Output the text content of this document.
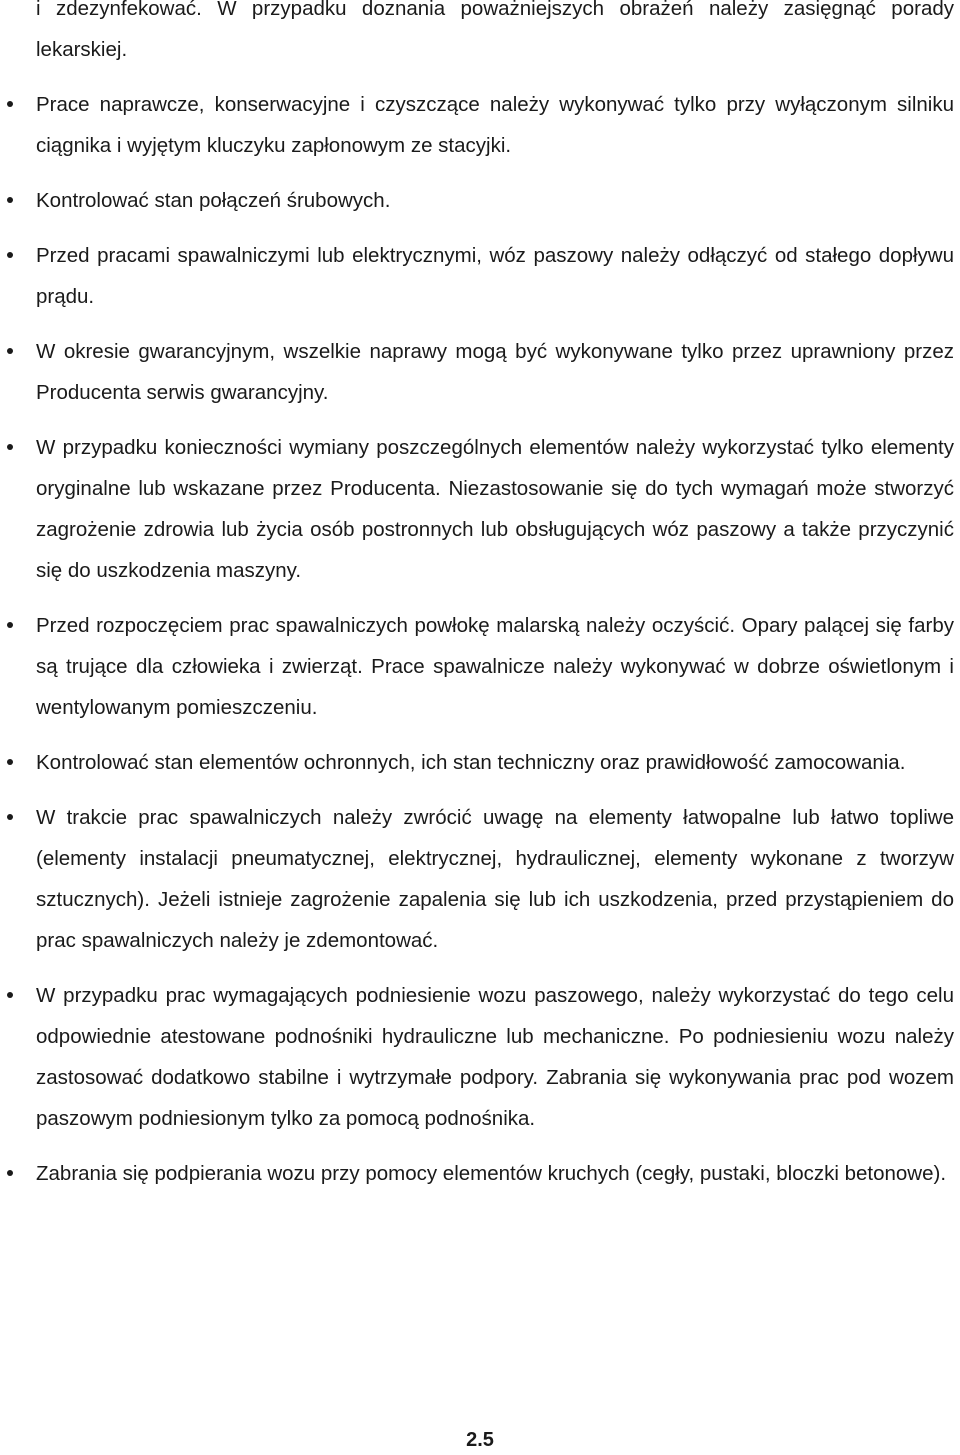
i zdezynfekować. W przypadku doznania poważniejszych obrażeń należy zasięgnąć porady lekarskiej.

Prace naprawcze, konserwacyjne i czyszczące należy wykonywać tylko przy wyłączonym silniku ciągnika i wyjętym kluczyku zapłonowym ze stacyjki.
Kontrolować stan połączeń śrubowych.
Przed pracami spawalniczymi lub elektrycznymi, wóz paszowy należy odłączyć od stałego dopływu prądu.
W okresie gwarancyjnym, wszelkie naprawy mogą być wykonywane tylko przez uprawniony przez Producenta serwis gwarancyjny.
W przypadku konieczności wymiany poszczególnych elementów należy wykorzystać tylko elementy oryginalne lub wskazane przez Producenta. Niezastosowanie się do tych wymagań może stworzyć zagrożenie zdrowia lub życia osób postronnych lub obsługujących wóz paszowy a także przyczynić się do uszkodzenia maszyny.
Przed rozpoczęciem prac spawalniczych powłokę malarską należy oczyścić. Opary palącej się farby są trujące dla człowieka i zwierząt. Prace spawalnicze należy wykonywać w dobrze oświetlonym i wentylowanym pomieszczeniu.
Kontrolować stan elementów ochronnych, ich stan techniczny oraz prawidłowość zamocowania.
W trakcie prac spawalniczych należy zwrócić uwagę na elementy łatwopalne lub łatwo topliwe (elementy instalacji pneumatycznej, elektrycznej, hydraulicznej, elementy wykonane z tworzyw sztucznych). Jeżeli istnieje zagrożenie zapalenia się lub ich uszkodzenia, przed przystąpieniem do prac spawalniczych należy je zdemontować.
W przypadku prac wymagających podniesienie wozu paszowego, należy wykorzystać do tego celu odpowiednie atestowane podnośniki hydrauliczne lub mechaniczne. Po podniesieniu wozu należy zastosować dodatkowo stabilne i wytrzymałe podpory. Zabrania się wykonywania prac pod wozem paszowym podniesionym tylko za pomocą podnośnika.
Zabrania się podpierania wozu przy pomocy elementów kruchych (cegły, pustaki, bloczki betonowe).
2.5
